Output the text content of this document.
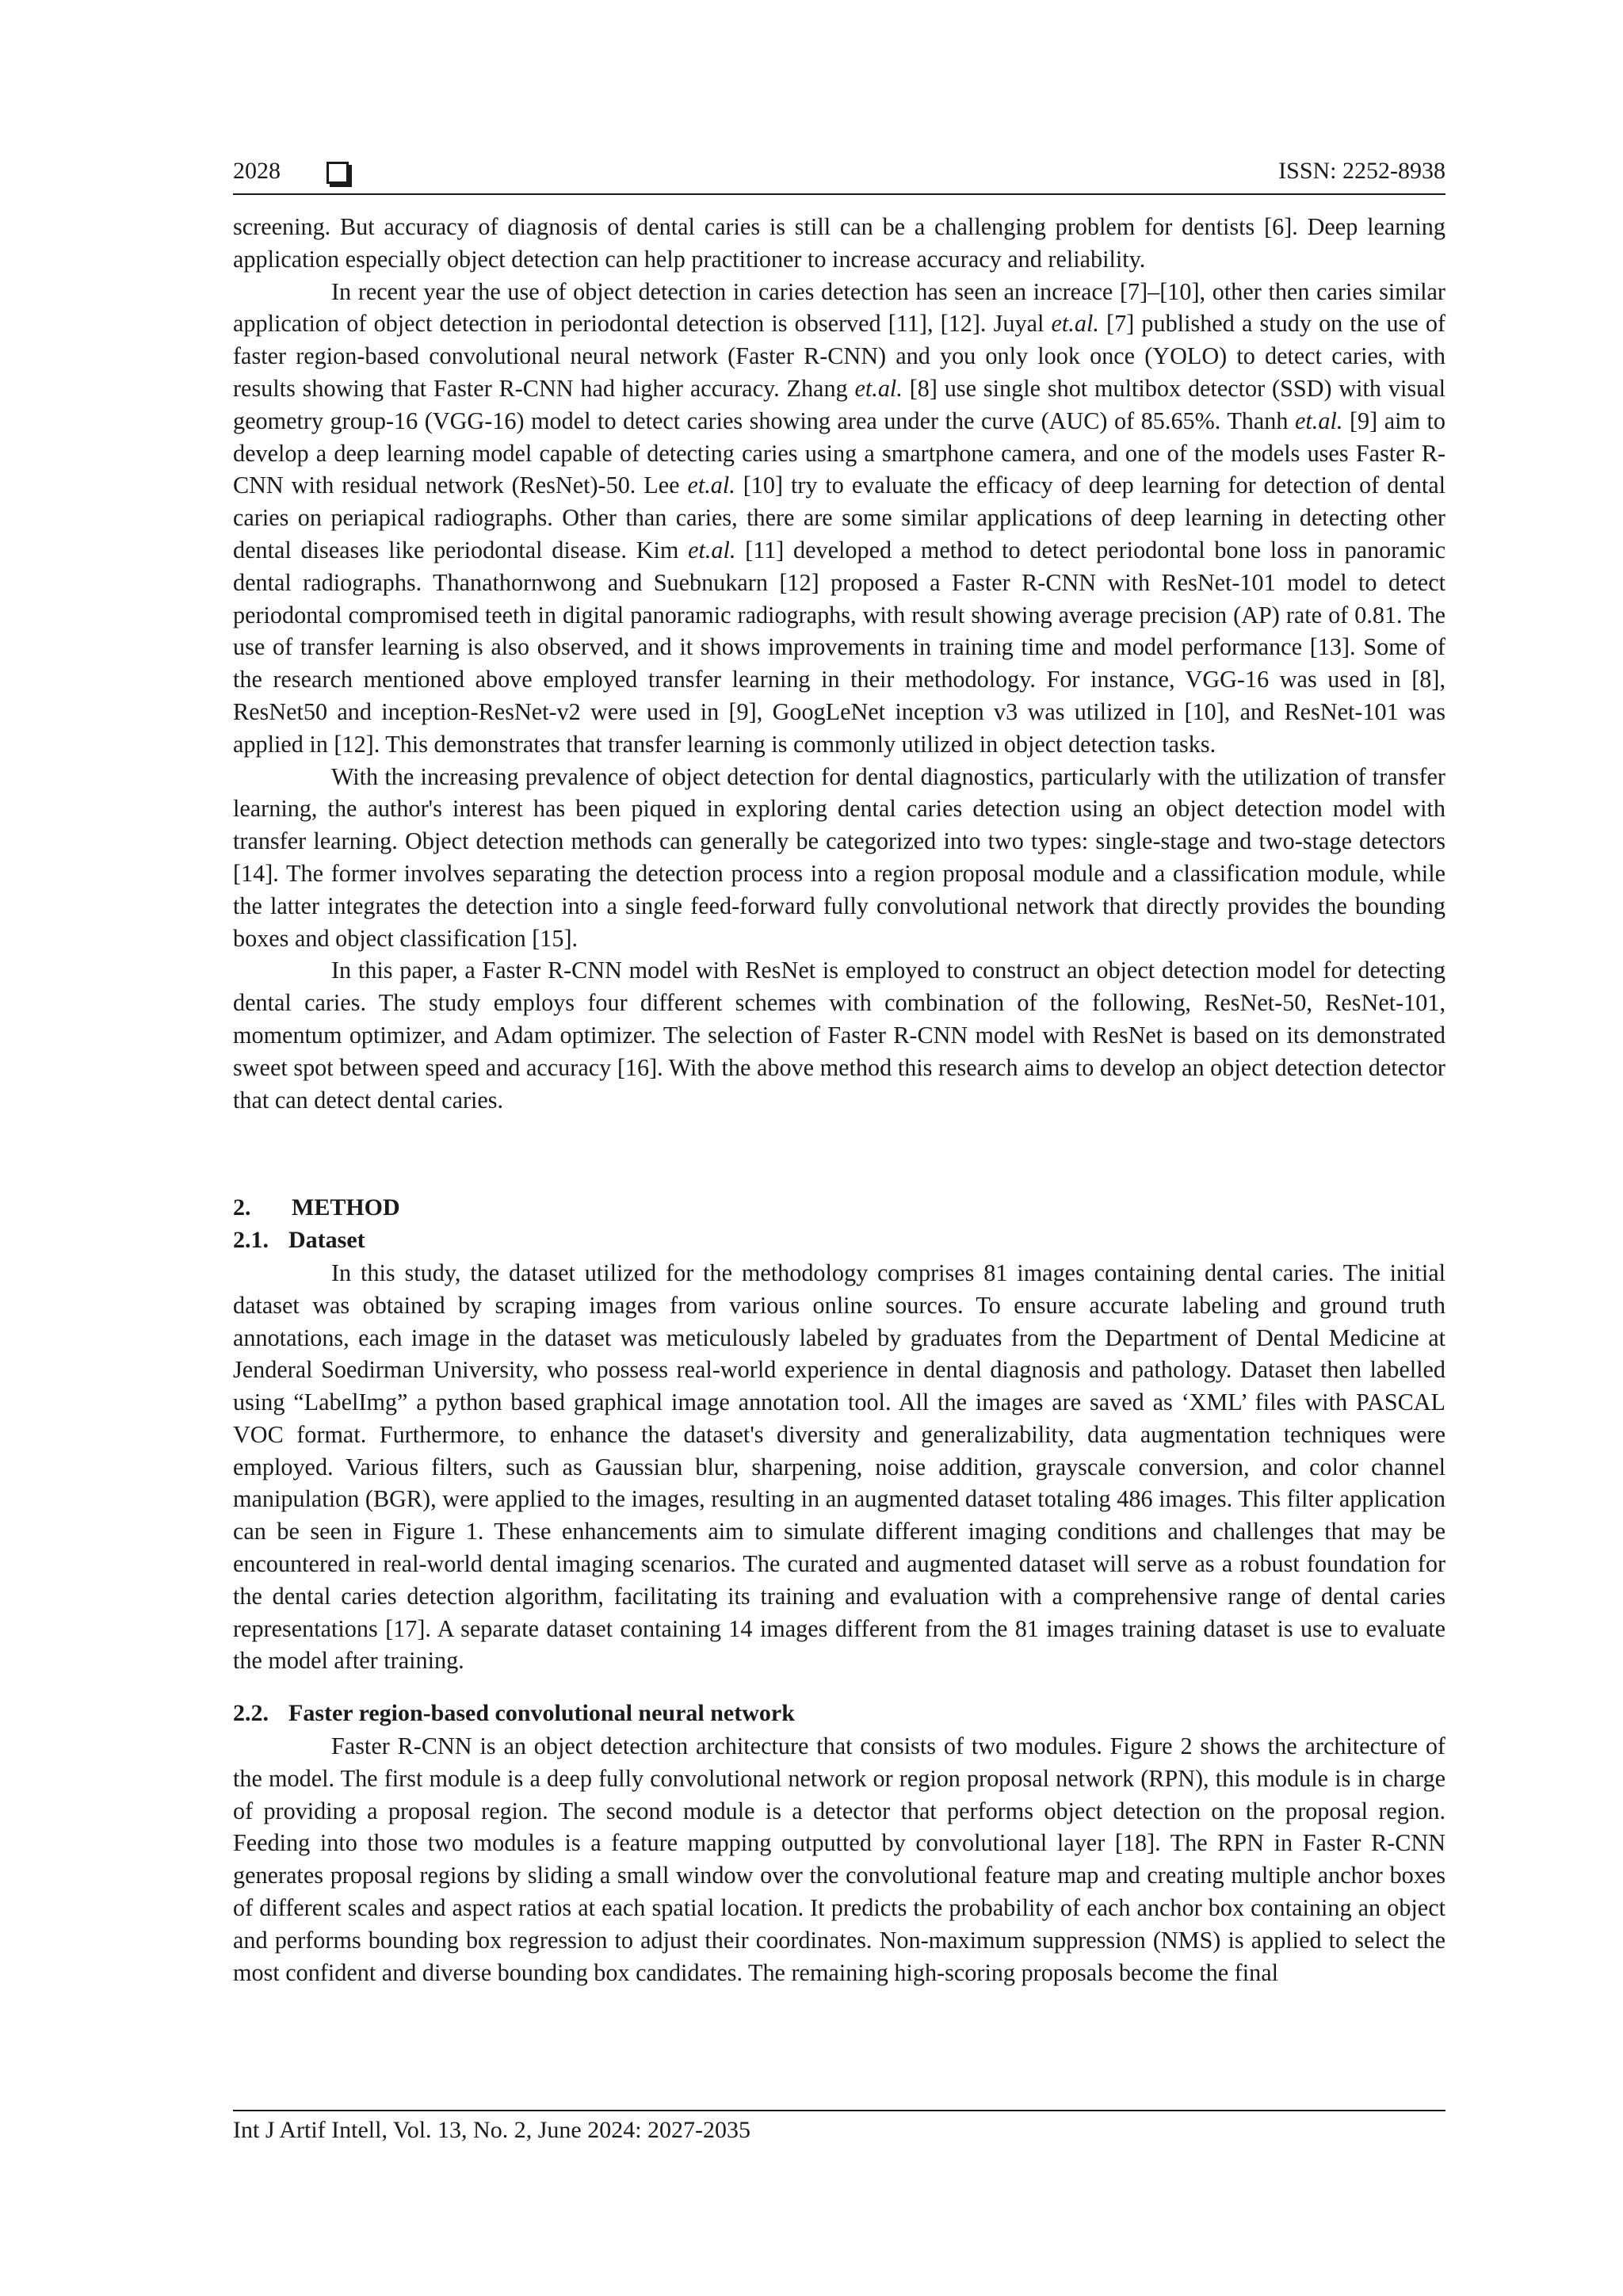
2028	ISSN: 2252-8938

screening. But accuracy of diagnosis of dental caries is still can be a challenging problem for dentists [6]. Deep learning application especially object detection can help practitioner to increase accuracy and reliability.

In recent year the use of object detection in caries detection has seen an increace [7]–[10], other then caries similar application of object detection in periodontal detection is observed [11], [12]. Juyal et.al. [7] published a study on the use of faster region-based convolutional neural network (Faster R-CNN) and you only look once (YOLO) to detect caries, with results showing that Faster R-CNN had higher accuracy. Zhang et.al. [8] use single shot multibox detector (SSD) with visual geometry group-16 (VGG-16) model to detect caries showing area under the curve (AUC) of 85.65%. Thanh et.al. [9] aim to develop a deep learning model capable of detecting caries using a smartphone camera, and one of the models uses Faster R-CNN with residual network (ResNet)-50. Lee et.al. [10] try to evaluate the efficacy of deep learning for detection of dental caries on periapical radiographs. Other than caries, there are some similar applications of deep learning in detecting other dental diseases like periodontal disease. Kim et.al. [11] developed a method to detect periodontal bone loss in panoramic dental radiographs. Thanathornwong and Suebnukarn [12] proposed a Faster R-CNN with ResNet-101 model to detect periodontal compromised teeth in digital panoramic radiographs, with result showing average precision (AP) rate of 0.81. The use of transfer learning is also observed, and it shows improvements in training time and model performance [13]. Some of the research mentioned above employed transfer learning in their methodology. For instance, VGG-16 was used in [8], ResNet50 and inception-ResNet-v2 were used in [9], GoogLeNet inception v3 was utilized in [10], and ResNet-101 was applied in [12]. This demonstrates that transfer learning is commonly utilized in object detection tasks.

With the increasing prevalence of object detection for dental diagnostics, particularly with the utilization of transfer learning, the author's interest has been piqued in exploring dental caries detection using an object detection model with transfer learning. Object detection methods can generally be categorized into two types: single-stage and two-stage detectors [14]. The former involves separating the detection process into a region proposal module and a classification module, while the latter integrates the detection into a single feed-forward fully convolutional network that directly provides the bounding boxes and object classification [15].

In this paper, a Faster R-CNN model with ResNet is employed to construct an object detection model for detecting dental caries. The study employs four different schemes with combination of the following, ResNet-50, ResNet-101, momentum optimizer, and Adam optimizer. The selection of Faster R-CNN model with ResNet is based on its demonstrated sweet spot between speed and accuracy [16]. With the above method this research aims to develop an object detection detector that can detect dental caries.

2. METHOD
2.1. Dataset

In this study, the dataset utilized for the methodology comprises 81 images containing dental caries. The initial dataset was obtained by scraping images from various online sources. To ensure accurate labeling and ground truth annotations, each image in the dataset was meticulously labeled by graduates from the Department of Dental Medicine at Jenderal Soedirman University, who possess real-world experience in dental diagnosis and pathology. Dataset then labelled using “LabelImg” a python based graphical image annotation tool. All the images are saved as ‘XML’ files with PASCAL VOC format. Furthermore, to enhance the dataset's diversity and generalizability, data augmentation techniques were employed. Various filters, such as Gaussian blur, sharpening, noise addition, grayscale conversion, and color channel manipulation (BGR), were applied to the images, resulting in an augmented dataset totaling 486 images. This filter application can be seen in Figure 1. These enhancements aim to simulate different imaging conditions and challenges that may be encountered in real-world dental imaging scenarios. The curated and augmented dataset will serve as a robust foundation for the dental caries detection algorithm, facilitating its training and evaluation with a comprehensive range of dental caries representations [17]. A separate dataset containing 14 images different from the 81 images training dataset is use to evaluate the model after training.

2.2. Faster region-based convolutional neural network

Faster R-CNN is an object detection architecture that consists of two modules. Figure 2 shows the architecture of the model. The first module is a deep fully convolutional network or region proposal network (RPN), this module is in charge of providing a proposal region. The second module is a detector that performs object detection on the proposal region. Feeding into those two modules is a feature mapping outputted by convolutional layer [18]. The RPN in Faster R-CNN generates proposal regions by sliding a small window over the convolutional feature map and creating multiple anchor boxes of different scales and aspect ratios at each spatial location. It predicts the probability of each anchor box containing an object and performs bounding box regression to adjust their coordinates. Non-maximum suppression (NMS) is applied to select the most confident and diverse bounding box candidates. The remaining high-scoring proposals become the final

Int J Artif Intell, Vol. 13, No. 2, June 2024: 2027-2035
